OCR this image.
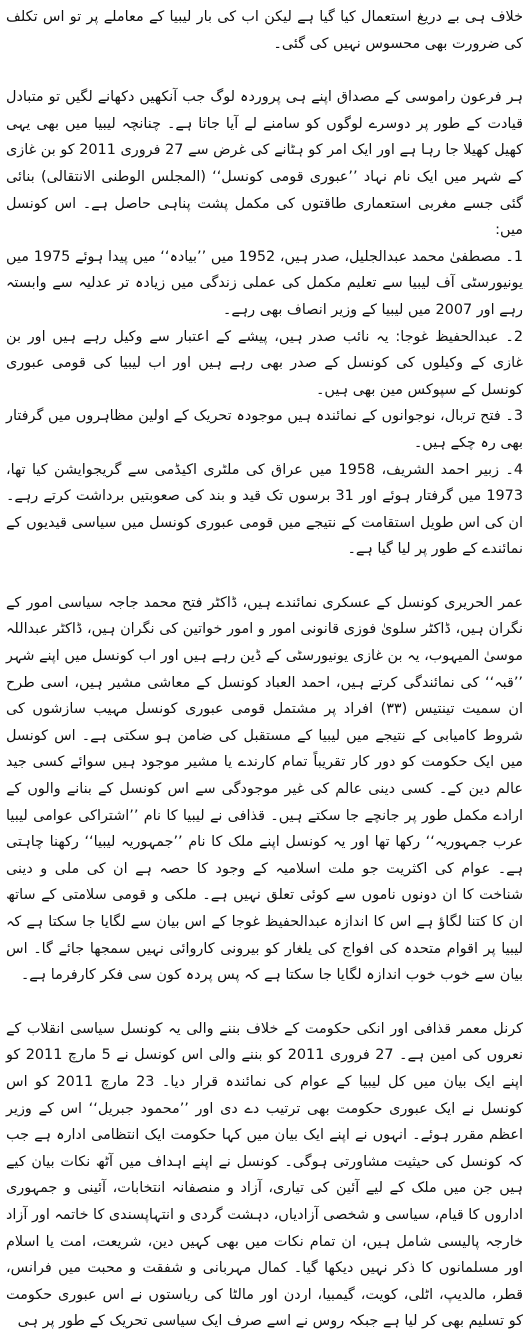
خلاف ہی بے دریغ استعمال کیا گیا ہے لیکن اب کی بار لیبیا کے معاملے پر تو اس تکلف کی ضرورت بھی محسوس نہیں کی گئی۔

ہر فرعون راموسی کے مصداق اپنے ہی پروردہ لوگ جب آنکھیں دکھانے لگیں تو متبادل قیادت کے طور پر دوسرے لوگوں کو سامنے لے آیا جاتا ہے۔ چنانچہ لیبیا میں بھی یہی کھیل کھیلا جا رہا ہے اور ایک امر کو ہٹانے کی غرض سے 27 فروری 2011 کو بن غازی کے شہر میں ایک نام نہاد ’’عبوری قومی کونسل‘‘ (المجلس الوطنی الانتقالی) بنائی گئی جسے مغربی استعماری طاقتوں کی مکمل پشت پناہی حاصل ہے۔ اس کونسل میں:

1۔ مصطفیٰ محمد عبدالجلیل، صدر ہیں، 1952 میں ’’بیادہ‘‘ میں پیدا ہوئے 1975 میں یونیورسٹی آف لیبیا سے تعلیم مکمل کی عملی زندگی میں زیادہ تر عدلیہ سے وابستہ رہے اور 2007 میں لیبیا کے وزیر انصاف بھی رہے۔

2۔ عبدالحفیظ غوجا: یہ نائب صدر ہیں، پیشے کے اعتبار سے وکیل رہے ہیں اور بن غازی کے وکیلوں کی کونسل کے صدر بھی رہے ہیں اور اب لیبیا کی قومی عبوری کونسل کے سپوکس مین بھی ہیں۔

3۔ فتح تربال، نوجوانوں کے نمائندہ ہیں موجودہ تحریک کے اولین مظاہروں میں گرفتار بھی رہ چکے ہیں۔

4۔ زبیر احمد الشریف، 1958 میں عراق کی ملٹری اکیڈمی سے گریجوایشن کیا تھا، 1973 میں گرفتار ہوئے اور 31 برسوں تک قید و بند کی صعوبتیں برداشت کرتے رہے۔ ان کی اس طویل استقامت کے نتیجے میں قومی عبوری کونسل میں سیاسی قیدیوں کے نمائندے کے طور پر لیا گیا ہے۔

عمر الحریری کونسل کے عسکری نمائندے ہیں، ڈاکٹر فتح محمد جاجہ سیاسی امور کے نگران ہیں، ڈاکٹر سلویٰ فوزی قانونی امور و امور خواتین کی نگران ہیں، ڈاکٹر عبداللہ موسیٰ المیہوب، یہ بن غازی یونیورسٹی کے ڈین رہے ہیں اور اب کونسل میں اپنے شہر ’’قبہ‘‘ کی نمائندگی کرتے ہیں، احمد العباد کونسل کے معاشی مشیر ہیں، اسی طرح ان سمیت تینتیس (۳۳) افراد پر مشتمل قومی عبوری کونسل مہیب سازشوں کی شروط کامیابی کے نتیجے میں لیبیا کے مستقبل کی ضامن ہو سکتی ہے۔ اس کونسل میں ایک حکومت کو دور کار تقریباً تمام کارندے یا مشیر موجود ہیں سوائے کسی جید عالم دین کے۔ کسی دینی عالم کی غیر موجودگی سے اس کونسل کے بنانے والوں کے ارادے مکمل طور پر جانچے جا سکتے ہیں۔ قذافی نے لیبیا کا نام ’’اشتراکی عوامی لیبیا عرب جمہوریہ‘‘ رکھا تھا اور یہ کونسل اپنے ملک کا نام ’’جمہوریہ لیبیا‘‘ رکھنا چاہتی ہے۔ عوام کی اکثریت جو ملت اسلامیہ کے وجود کا حصہ ہے ان کی ملی و دینی شناخت کا ان دونوں ناموں سے کوئی تعلق نہیں ہے۔ ملکی و قومی سلامتی کے ساتھ ان کا کتنا لگاؤ ہے اس کا اندازہ عبدالحفیظ غوجا کے اس بیان سے لگایا جا سکتا ہے کہ لیبیا پر اقوام متحدہ کی افواج کی یلغار کو بیرونی کاروائی نہیں سمجھا جائے گا۔ اس بیان سے خوب خوب اندازہ لگایا جا سکتا ہے کہ پس پردہ کون سی فکر کارفرما ہے۔

کرنل معمر قذافی اور انکی حکومت کے خلاف بننے والی یہ کونسل سیاسی انقلاب کے نعروں کی امین ہے۔ 27 فروری 2011 کو بننے والی اس کونسل نے 5 مارچ 2011 کو اپنے ایک بیان میں کل لیبیا کے عوام کی نمائندہ قرار دیا۔ 23 مارچ 2011 کو اس کونسل نے ایک عبوری حکومت بھی ترتیب دے دی اور ’’محمود جبریل‘‘ اس کے وزیر اعظم مقرر ہوئے۔ انہوں نے اپنے ایک بیان میں کہا حکومت ایک انتظامی ادارہ ہے جب کہ کونسل کی حیثیت مشاورتی ہوگی۔ کونسل نے اپنے اہداف میں آٹھ نکات بیان کیے ہیں جن میں ملک کے لیے آئین کی تیاری، آزاد و منصفانہ انتخابات، آئینی و جمہوری اداروں کا قیام، سیاسی و شخصی آزادیاں، دہشت گردی و انتہاپسندی کا خاتمہ اور آزاد خارجہ پالیسی شامل ہیں، ان تمام نکات میں بھی کہیں دین، شریعت، امت یا اسلام اور مسلمانوں کا ذکر نہیں دیکھا گیا۔ کمال مہربانی و شفقت و محبت میں فرانس، قطر، مالدیپ، اٹلی، کویت، گیمبیا، اردن اور مالٹا کی ریاستوں نے اس عبوری حکومت کو تسلیم بھی کر لیا ہے جبکہ روس نے اسے صرف ایک سیاسی تحریک کے طور پر ہی
